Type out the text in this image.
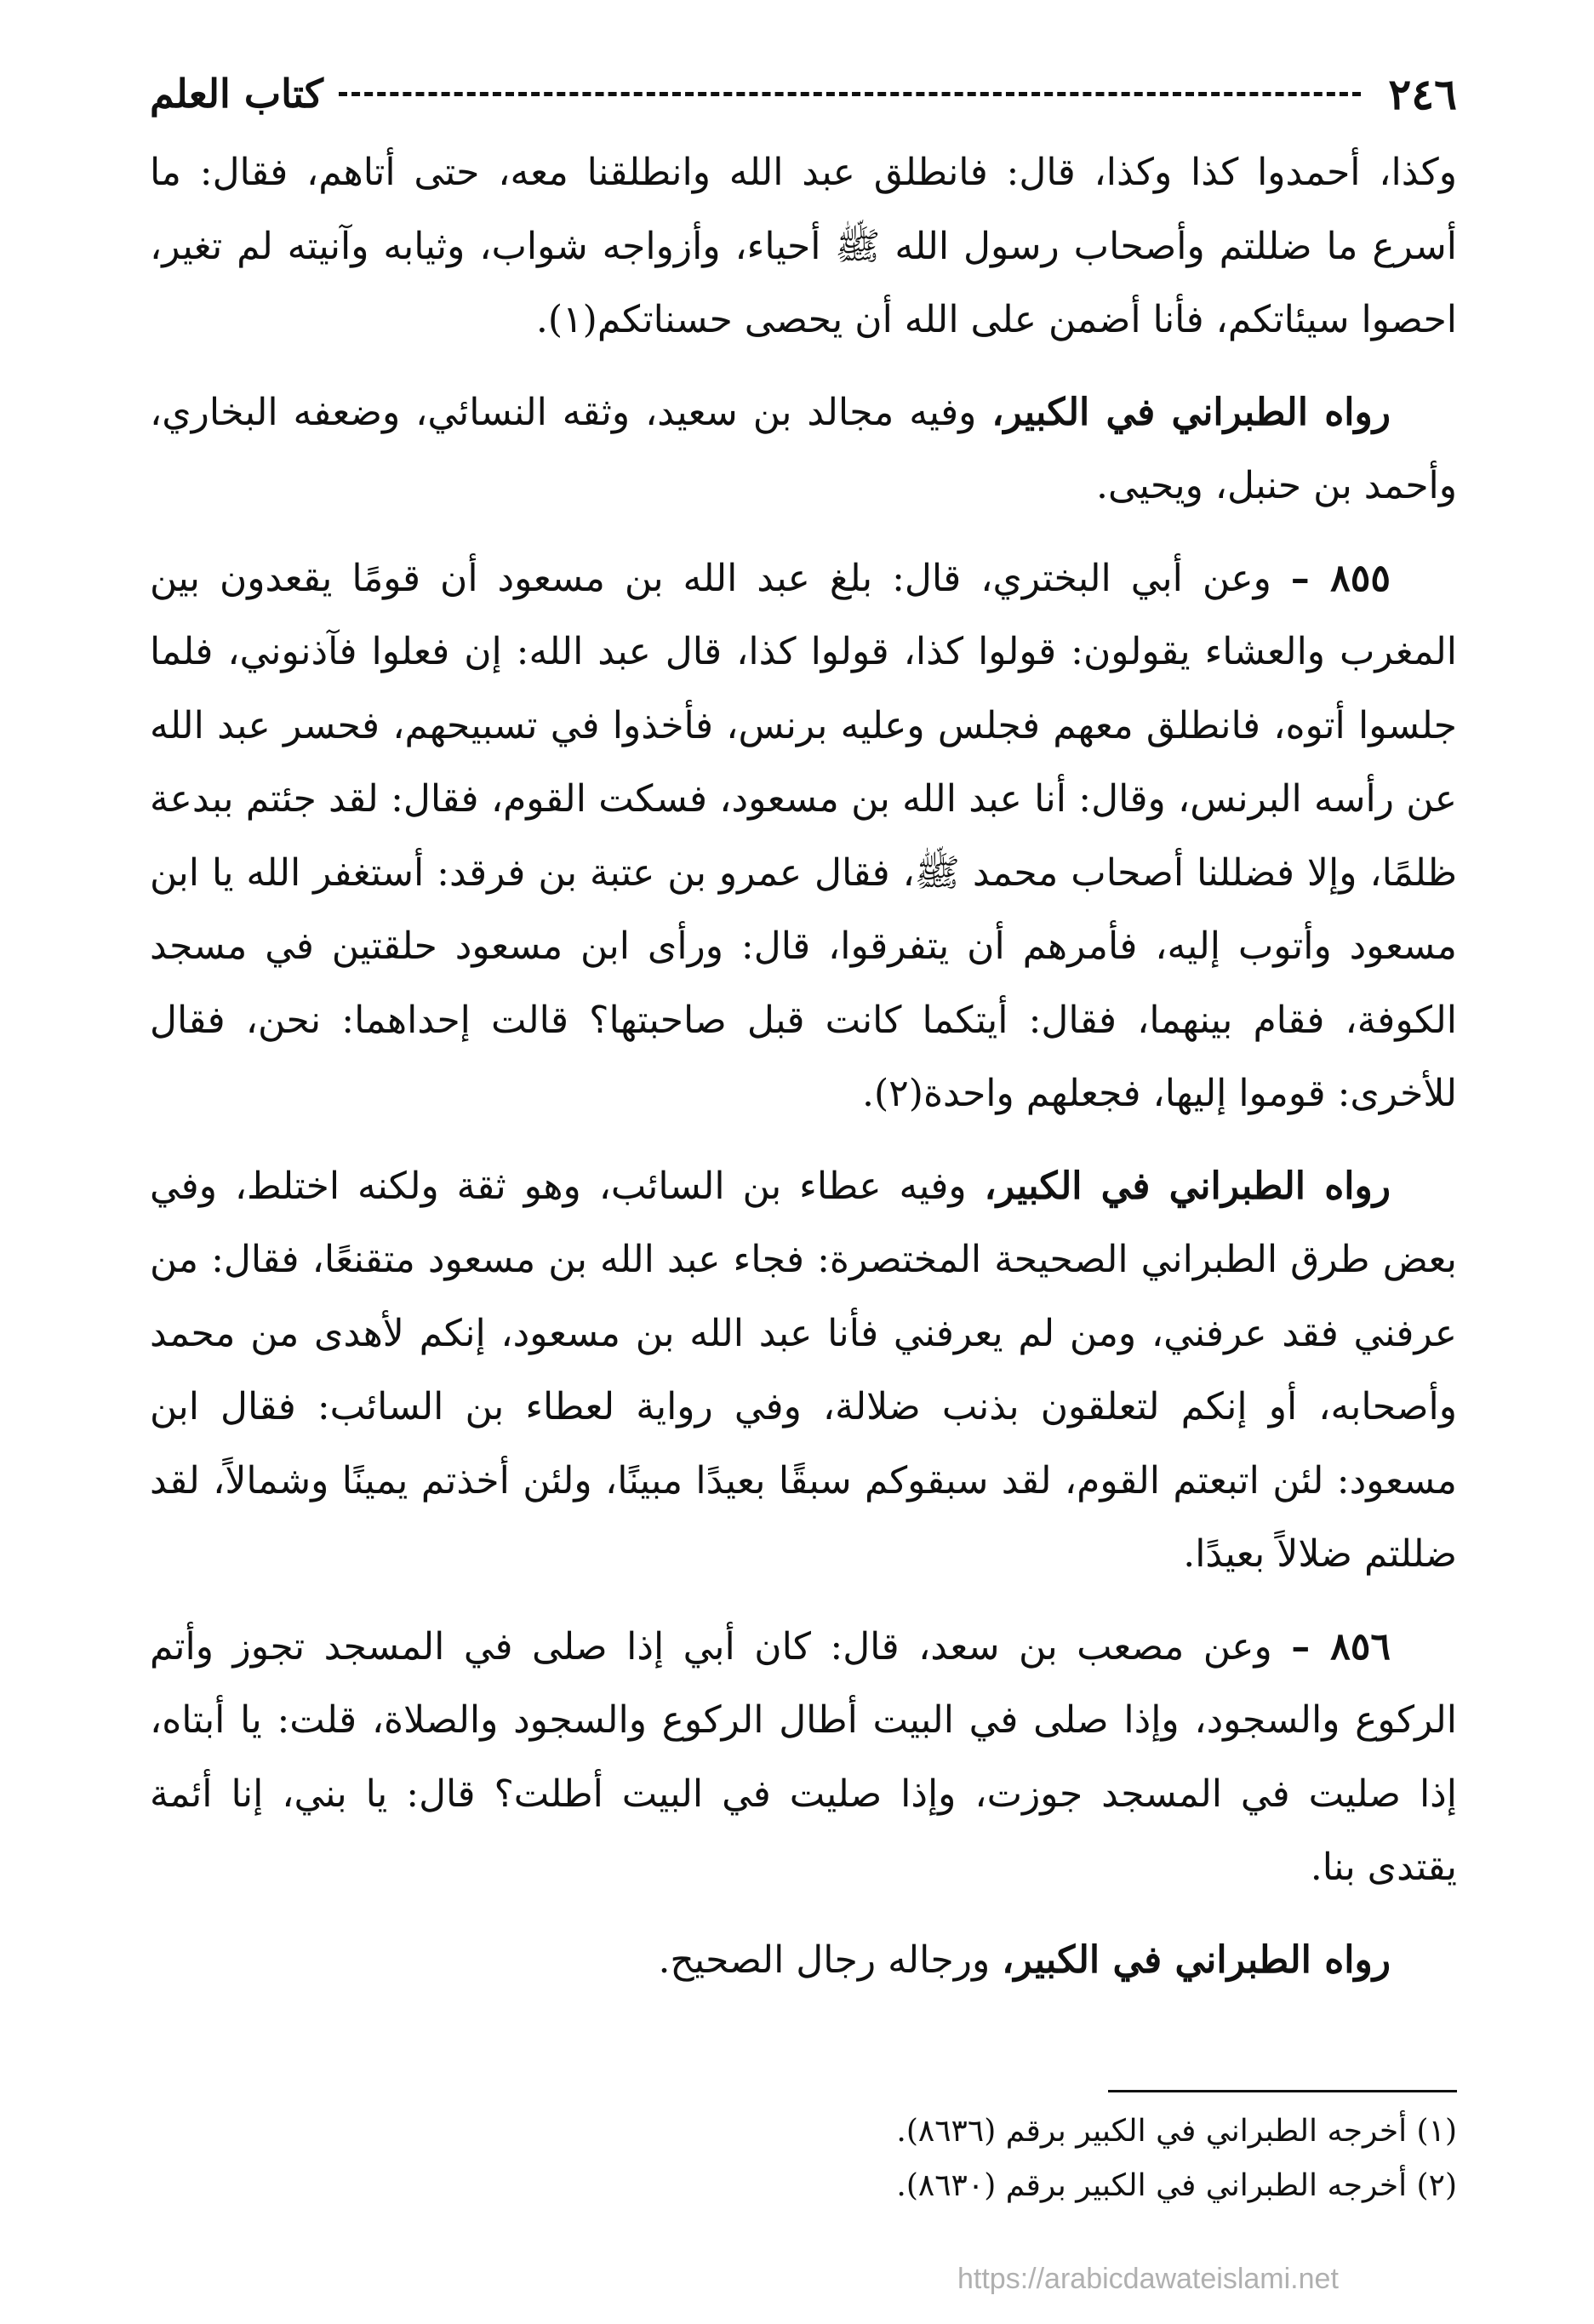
٢٤٦
كتاب العلم

وكذا، أحمدوا كذا وكذا، قال: فانطلق عبد الله وانطلقنا معه، حتى أتاهم، فقال: ما أسرع ما ضللتم وأصحاب رسول الله ﷺ أحياء، وأزواجه شواب، وثيابه وآنيته لم تغير، احصوا سيئاتكم، فأنا أضمن على الله أن يحصى حسناتكم(١).

رواه الطبراني في الكبير، وفيه مجالد بن سعيد، وثقه النسائي، وضعفه البخاري، وأحمد بن حنبل، ويحيى.

٨٥٥ – وعن أبي البختري، قال: بلغ عبد الله بن مسعود أن قومًا يقعدون بين المغرب والعشاء يقولون: قولوا كذا، قولوا كذا، قال عبد الله: إن فعلوا فآذنوني، فلما جلسوا أتوه، فانطلق معهم فجلس وعليه برنس، فأخذوا في تسبيحهم، فحسر عبد الله عن رأسه البرنس، وقال: أنا عبد الله بن مسعود، فسكت القوم، فقال: لقد جئتم ببدعة ظلمًا، وإلا فضللنا أصحاب محمد ﷺ، فقال عمرو بن عتبة بن فرقد: أستغفر الله يا ابن مسعود وأتوب إليه، فأمرهم أن يتفرقوا، قال: ورأى ابن مسعود حلقتين في مسجد الكوفة، فقام بينهما، فقال: أيتكما كانت قبل صاحبتها؟ قالت إحداهما: نحن، فقال للأخرى: قوموا إليها، فجعلهم واحدة(٢).

رواه الطبراني في الكبير، وفيه عطاء بن السائب، وهو ثقة ولكنه اختلط، وفي بعض طرق الطبراني الصحيحة المختصرة: فجاء عبد الله بن مسعود متقنعًا، فقال: من عرفني فقد عرفني، ومن لم يعرفني فأنا عبد الله بن مسعود، إنكم لأهدى من محمد وأصحابه، أو إنكم لتعلقون بذنب ضلالة، وفي رواية لعطاء بن السائب: فقال ابن مسعود: لئن اتبعتم القوم، لقد سبقوكم سبقًا بعيدًا مبينًا، ولئن أخذتم يمينًا وشمالاً، لقد ضللتم ضلالاً بعيدًا.

٨٥٦ – وعن مصعب بن سعد، قال: كان أبي إذا صلى في المسجد تجوز وأتم الركوع والسجود، وإذا صلى في البيت أطال الركوع والسجود والصلاة، قلت: يا أبتاه، إذا صليت في المسجد جوزت، وإذا صليت في البيت أطلت؟ قال: يا بني، إنا أئمة يقتدى بنا.

رواه الطبراني في الكبير، ورجاله رجال الصحيح.

(١) أخرجه الطبراني في الكبير برقم (٨٦٣٦).
(٢) أخرجه الطبراني في الكبير برقم (٨٦٣٠).
https://arabicdawateislami.net
